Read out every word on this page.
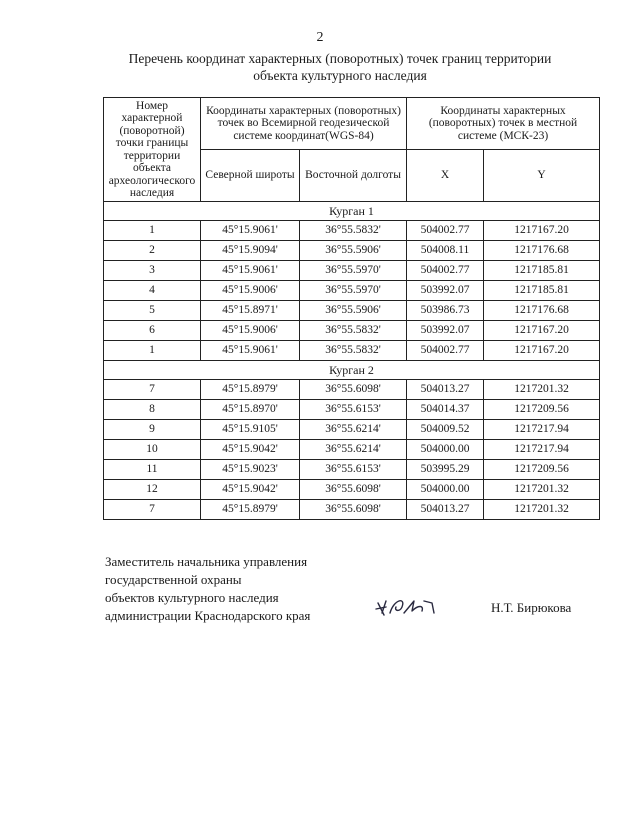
2
Перечень координат характерных (поворотных) точек границ территории
объекта культурного наследия
Номер характерной (поворотной) точки границы территории объекта археологического наследия	Координаты характерных (поворотных) точек во Всемирной геодезической системе координат(WGS-84)		Координаты характерных (поворотных) точек в местной системе (МСК-23)	
	Северной широты	Восточной долготы	X	Y
Курган 1				
1	45°15.9061'	36°55.5832'	504002.77	1217167.20
2	45°15.9094'	36°55.5906'	504008.11	1217176.68
3	45°15.9061'	36°55.5970'	504002.77	1217185.81
4	45°15.9006'	36°55.5970'	503992.07	1217185.81
5	45°15.8971'	36°55.5906'	503986.73	1217176.68
6	45°15.9006'	36°55.5832'	503992.07	1217167.20
1	45°15.9061'	36°55.5832'	504002.77	1217167.20
Курган 2				
7	45°15.8979'	36°55.6098'	504013.27	1217201.32
8	45°15.8970'	36°55.6153'	504014.37	1217209.56
9	45°15.9105'	36°55.6214'	504009.52	1217217.94
10	45°15.9042'	36°55.6214'	504000.00	1217217.94
11	45°15.9023'	36°55.6153'	503995.29	1217209.56
12	45°15.9042'	36°55.6098'	504000.00	1217201.32
7	45°15.8979'	36°55.6098'	504013.27	1217201.32
Заместитель начальника управления
государственной охраны
объектов культурного наследия
администрации Краснодарского края
Н.Т. Бирюкова
